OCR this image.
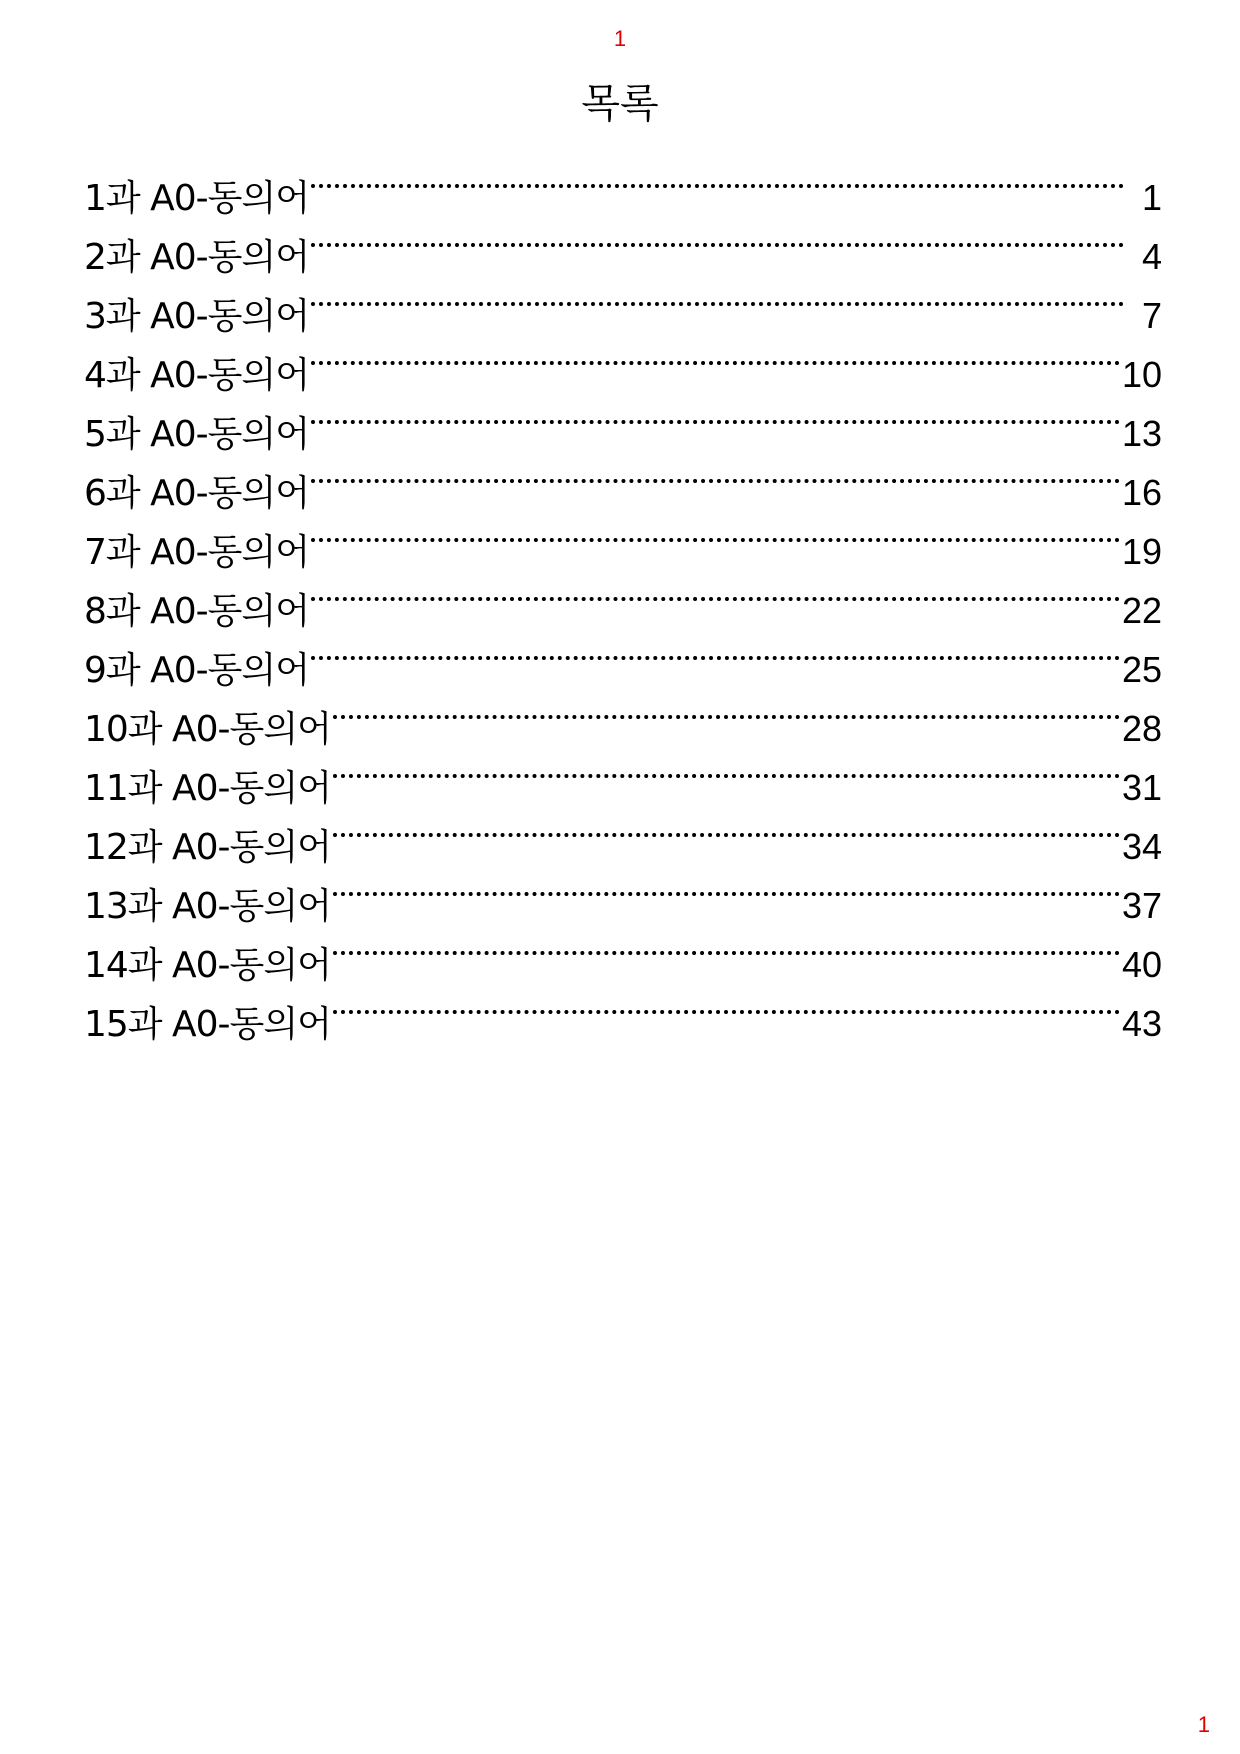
1
목록
1과 A0-동의어	1
2과 A0-동의어	4
3과 A0-동의어	7
4과 A0-동의어	10
5과 A0-동의어	13
6과 A0-동의어	16
7과 A0-동의어	19
8과 A0-동의어	22
9과 A0-동의어	25
10과 A0-동의어	28
11과 A0-동의어	31
12과 A0-동의어	34
13과 A0-동의어	37
14과 A0-동의어	40
15과 A0-동의어	43
1
